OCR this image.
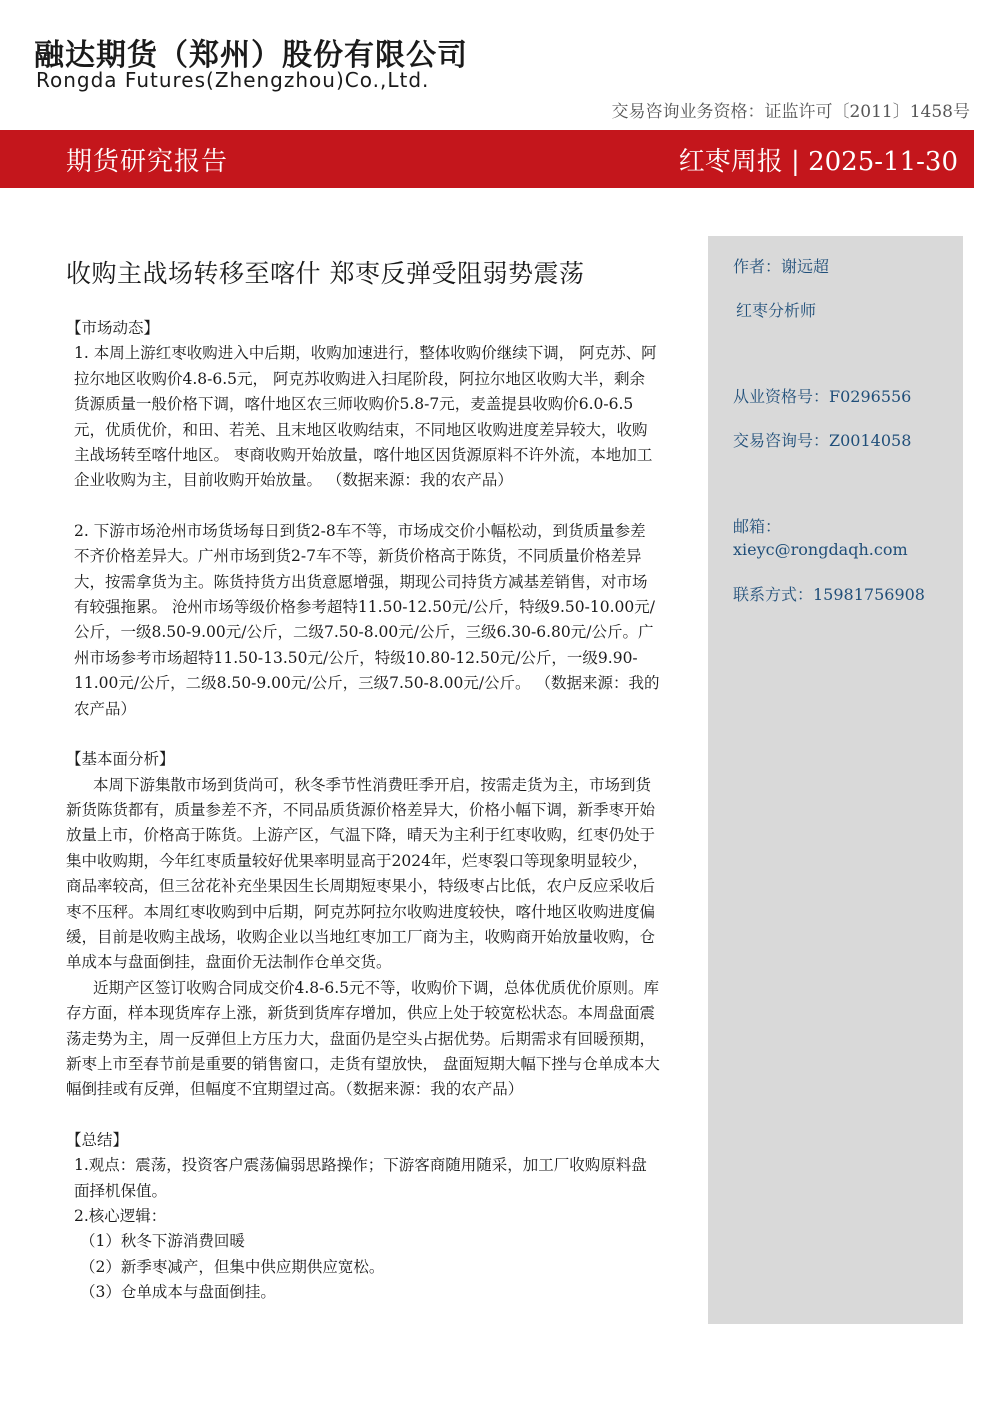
融达期货（郑州）股份有限公司
Rongda Futures(Zhengzhou)Co.,Ltd.
交易咨询业务资格：证监许可〔2011〕1458号
期货研究报告	红枣周报 | 2025-11-30
作者：谢远超
红枣分析师
从业资格号：F0296556
交易咨询号：Z0014058
邮箱：
xieyc@rongdaqh.com
联系方式：15981756908
收购主战场转移至喀什 郑枣反弹受阻弱势震荡

【市场动态】

1. 本周上游红枣收购进入中后期，收购加速进行，整体收购价继续下调， 阿克苏、阿拉尔地区收购价4.8-6.5元， 阿克苏收购进入扫尾阶段，阿拉尔地区收购大半，剩余货源质量一般价格下调，喀什地区农三师收购价5.8-7元，麦盖提县收购价6.0-6.5元，优质优价，和田、若羌、且末地区收购结束，不同地区收购进度差异较大，收购主战场转至喀什地区。 枣商收购开始放量，喀什地区因货源原料不许外流，本地加工企业收购为主，目前收购开始放量。 （数据来源：我的农产品）

2. 下游市场沧州市场货场每日到货2-8车不等，市场成交价小幅松动，到货质量参差不齐价格差异大。广州市场到货2-7车不等，新货价格高于陈货，不同质量价格差异大，按需拿货为主。陈货持货方出货意愿增强，期现公司持货方减基差销售，对市场有较强拖累。 沧州市场等级价格参考超特11.50-12.50元/公斤，特级9.50-10.00元/公斤，一级8.50-9.00元/公斤，二级7.50-8.00元/公斤，三级6.30-6.80元/公斤。广州市场参考市场超特11.50-13.50元/公斤，特级10.80-12.50元/公斤，一级9.90-11.00元/公斤，二级8.50-9.00元/公斤，三级7.50-8.00元/公斤。 （数据来源：我的农产品）

【基本面分析】

本周下游集散市场到货尚可，秋冬季节性消费旺季开启，按需走货为主，市场到货新货陈货都有，质量参差不齐，不同品质货源价格差异大，价格小幅下调，新季枣开始放量上市，价格高于陈货。上游产区，气温下降，晴天为主利于红枣收购，红枣仍处于集中收购期，今年红枣质量较好优果率明显高于2024年，烂枣裂口等现象明显较少，商品率较高，但三岔花补充坐果因生长周期短枣果小，特级枣占比低，农户反应采收后枣不压秤。本周红枣收购到中后期，阿克苏阿拉尔收购进度较快，喀什地区收购进度偏缓，目前是收购主战场，收购企业以当地红枣加工厂商为主，收购商开始放量收购，仓单成本与盘面倒挂，盘面价无法制作仓单交货。

近期产区签订收购合同成交价4.8-6.5元不等，收购价下调，总体优质优价原则。库存方面，样本现货库存上涨，新货到货库存增加，供应上处于较宽松状态。本周盘面震荡走势为主，周一反弹但上方压力大，盘面仍是空头占据优势。后期需求有回暖预期，新枣上市至春节前是重要的销售窗口，走货有望放快， 盘面短期大幅下挫与仓单成本大幅倒挂或有反弹，但幅度不宜期望过高。（数据来源：我的农产品）

【总结】

1.观点：震荡，投资客户震荡偏弱思路操作；下游客商随用随采，加工厂收购原料盘面择机保值。

2.核心逻辑：

（1）秋冬下游消费回暖

（2）新季枣减产，但集中供应期供应宽松。

（3）仓单成本与盘面倒挂。
